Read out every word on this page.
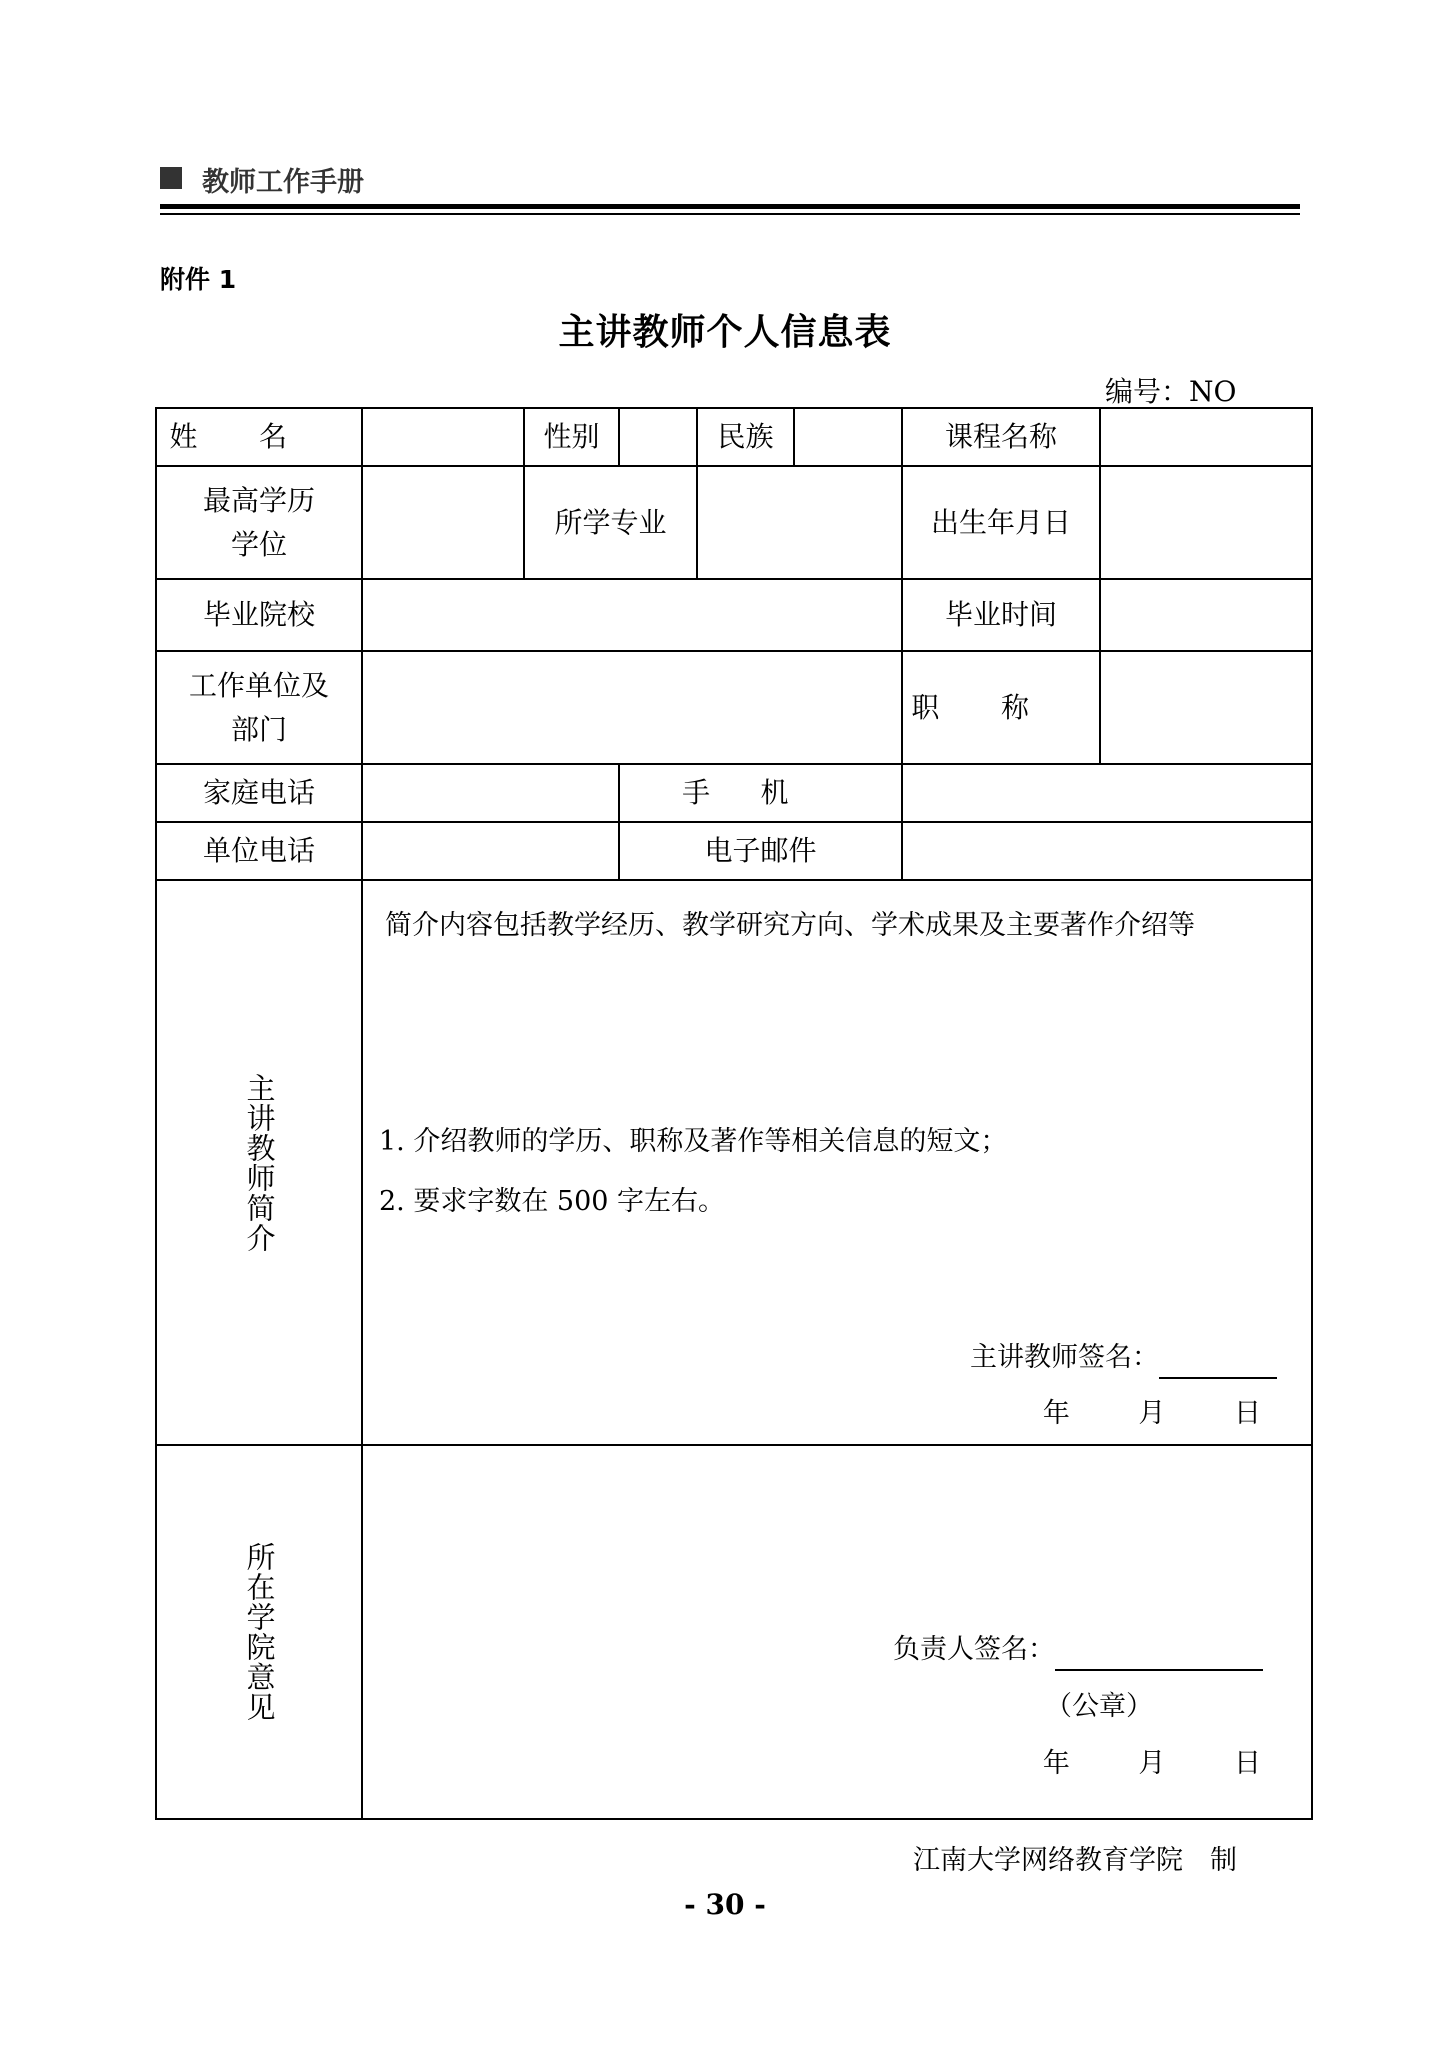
教师工作手册
附件 1
主讲教师个人信息表
编号：NO
姓名		性别		民族		课程名称	

最高学历
学位		所学专业				出生年月日	
毕业院校						毕业时间	

工作单位及
部门						职称	
家庭电话			手机				
单位电话			电子邮件				

主讲教师简介	简介内容包括教学经历、教学研究方向、学术成果及主要著作介绍等
1. 介绍教师的学历、职称及著作等相关信息的短文；
2. 要求字数在 500 字左右。
主讲教师签名：
年 月 日						

所在学院意见	负责人签名：
（公章）
年 月 日						
江南大学网络教育学院　制
- 30 -
